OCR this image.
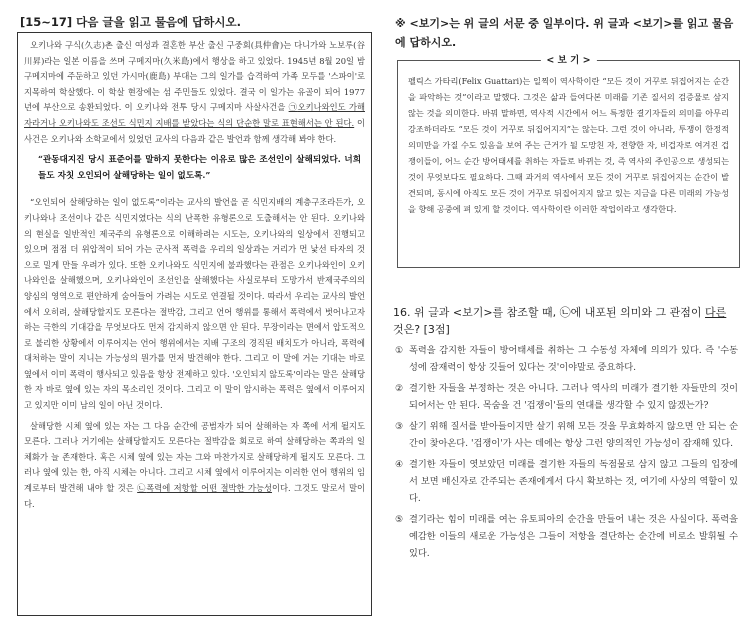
[15~17] 다음 글을 읽고 물음에 답하시오.

오키나와 구식(久志)촌 출신 여성과 결혼한 부산 출신 구중회(具仲會)는 다니가와 노보루(谷川昇)라는 일본 이름을 쓰며 구메지마(久米島)에서 행상을 하고 있었다. 1945년 8월 20일 밤 구메지마에 주둔하고 있던 가시마(鹿島) 부대는 그의 일가를 습격하여 가족 모두를 '스파이'로 지목하여 학살했다. 이 학살 현장에는 섬 주민들도 있었다. 결국 이 일가는 유골이 되어 1977년에 부산으로 송환되었다. 이 오키나와 전투 당시 구메지마 사살사건을 ㉠오키나와인도 가해자라거나 오키나와도 조선도 식민지 지배를 받았다는 식의 단순한 말로 표현해서는 안 된다. 이 사건은 오키나와 소학교에서 있었던 교사의 다음과 같은 발언과 함께 생각해 봐야 한다.

“관동대지진 당시 표준어를 말하지 못한다는 이유로 많은 조선인이 살해되었다. 너희들도 자칫 오인되어 살해당하는 일이 없도록.”

“오인되어 살해당하는 일이 없도록”이라는 교사의 발언을 곧 식민지배의 계층구조라든가, 오키나와나 조선이나 같은 식민지였다는 식의 난폭한 유형론으로 도출해서는 안 된다. 오키나와의 현실을 일반적인 제국주의 유형론으로 이해하려는 시도는, 오키나와의 일상에서 진행되고 있으며 점점 더 위압적이 되어 가는 군사적 폭력을 우리의 일상과는 거리가 먼 낯선 타자의 것으로 밀게 만들 우려가 있다. 또한 오키나와도 식민지에 불과했다는 관점은 오키나와인이 오키나와인을 살해했으며, 오키나와인이 조선인을 살해했다는 사실로부터 도망가서 반제국주의의 양심의 영역으로 편안하게 숨어들어 가려는 시도로 연결될 것이다. 따라서 우리는 교사의 발언에서 오히려, 살해당할지도 모른다는 절박감, 그리고 언어 행위를 통해서 폭력에서 벗어나고자 하는 극한의 기대감을 무엇보다도 먼저 감지하지 않으면 안 된다. 무장이라는 면에서 압도적으로 불리한 상황에서 이루어지는 언어 행위에서는 지배 구조의 경직된 배치도가 아니라, 폭력에 대처하는 말이 지니는 가능성의 뭔가를 먼저 발견해야 한다. 그리고 이 말에 거는 기대는 바로 옆에서 이미 폭력이 행사되고 있음을 항상 전제하고 있다. '오인되지 않도록'이라는 말은 살해당한 자 바로 옆에 있는 자의 목소리인 것이다. 그리고 이 말이 암시하는 폭력은 옆에서 이루어지고 있지만 이미 남의 일이 아닌 것이다.

살해당한 시체 옆에 있는 자는 그 다음 순간에 공범자가 되어 살해하는 자 쪽에 서게 될지도 모른다. 그러나 거기에는 살해당할지도 모른다는 절박감을 회로로 하여 살해당하는 쪽과의 일체화가 늘 존재한다. 혹은 시체 옆에 있는 자는 그와 마찬가지로 살해당하게 될지도 모른다. 그러나 옆에 있는 한, 아직 시체는 아니다. 그리고 시체 옆에서 이루어지는 이러한 언어 행위의 임계로부터 발견해 내야 할 것은 ㉡폭력에 저항할 어떤 절박한 가능성이다. 그것도 말로서 말이다.

※ <보기>는 위 글의 서문 중 일부이다. 위 글과 <보기>를 읽고 물음에 답하시오.
< 보 기 >
펠릭스 가타리(Felix Guattari)는 일찍이 역사학이란 “모든 것이 거꾸로 뒤집어지는 순간을 파악하는 것”이라고 말했다. 그것은 삶과 들여다본 미래를 기존 질서의 검증물로 삼지 않는 것을 의미한다. 바꿔 말하면, 역사적 시간에서 어느 특정한 결기자들의 의미를 아무리 강조하더라도 “모든 것이 거꾸로 뒤집어지지”는 않는다. 그런 것이 아니라, 투쟁이 한정적 의미만을 가질 수도 있음을 보여 주는 근거가 될 도망친 자, 전향한 자, 비겁자로 여겨진 겁쟁이들이, 어느 순간 방어태세를 취하는 자들로 바뀌는 것, 즉 역사의 주인공으로 생성되는 것이 무엇보다도 필요하다. 그때 과거의 역사에서 모든 것이 거꾸로 뒤집어지는 순간이 발견되며, 동시에 아직도 모든 것이 거꾸로 뒤집어지지 않고 있는 지금을 다른 미래의 가능성을 향해 공중에 펴 있게 할 것이다. 역사학이란 이러한 작업이라고 생각한다.
16. 위 글과 <보기>를 참조할 때, ㉡에 내포된 의미와 그 관점이 다른 것은? [3점]
① 폭력을 감지한 자들이 방어태세를 취하는 그 수동성 자체에 의의가 있다. 즉 '수동성에 잠재력이 항상 깃들어 있다는 것'이야말로 중요하다.
② 결기한 자들을 부정하는 것은 아니다. 그러나 역사의 미래가 결기한 자들만의 것이 되어서는 안 된다. 목숨을 건 '겁쟁이'들의 연대를 생각할 수 있지 않겠는가?
③ 살기 위해 질서를 받아들이지만 살기 위해 모든 것을 무효화하지 않으면 안 되는 순간이 찾아온다. '겁쟁이'가 사는 데에는 항상 그런 양의적인 가능성이 잠재해 있다.
④ 결기한 자들이 엿보았던 미래를 결기한 자들의 독점물로 삼지 않고 그들의 입장에서 보면 배신자로 간주되는 존재에게서 다시 확보하는 것, 여기에 사상의 역할이 있다.
⑤ 결기라는 힘이 미래를 여는 유토피아의 순간을 만들어 내는 것은 사실이다. 폭력을 예감한 이들의 새로운 가능성은 그들이 저항을 결단하는 순간에 비로소 발휘될 수 있다.
